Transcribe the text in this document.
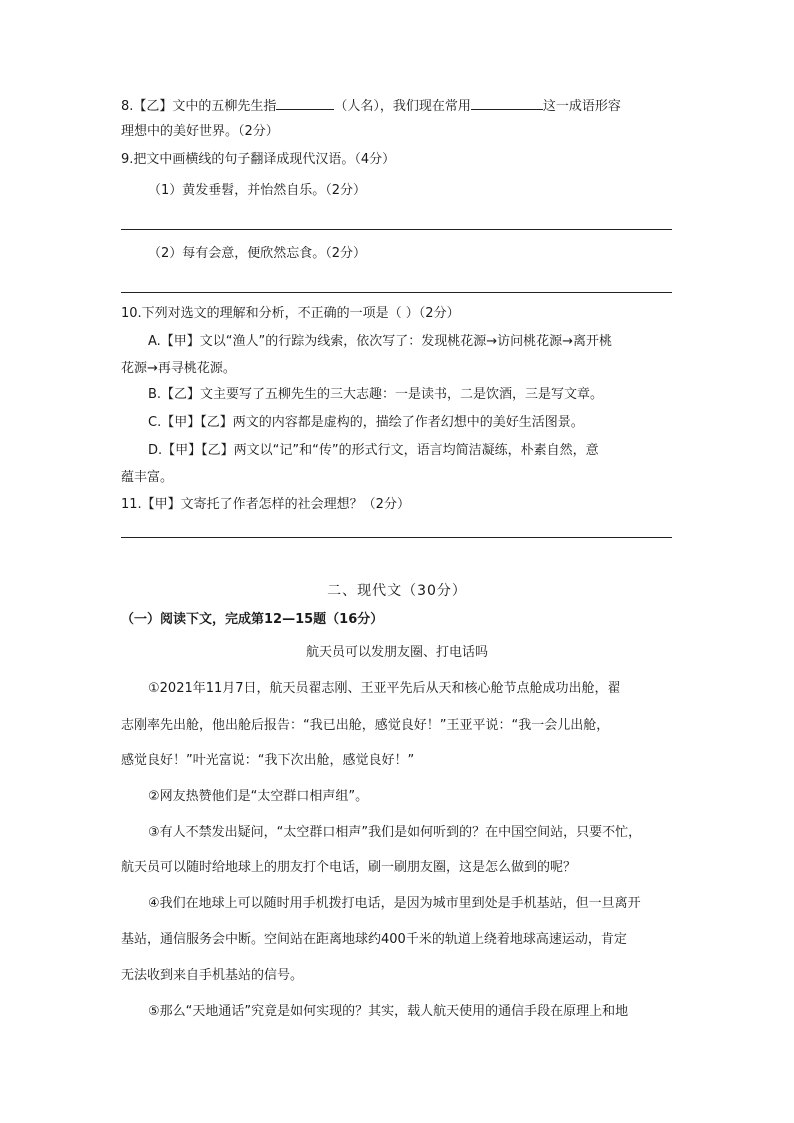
8.【乙】文中的五柳先生指	（人名），我们现在常用	这一成语形容
理想中的美好世界。（2分）
9.把文中画横线的句子翻译成现代汉语。（4分）
（1）黄发垂髫，并怡然自乐。（2分）
（2）每有会意，便欣然忘食。（2分）
10.下列对选文的理解和分析，不正确的一项是（ ）（2分）
A.【甲】文以“渔人”的行踪为线索，依次写了：发现桃花源→访问桃花源→离开桃
花源→再寻桃花源。
B.【乙】文主要写了五柳先生的三大志趣：一是读书，二是饮酒，三是写文章。
C.【甲】【乙】两文的内容都是虚构的，描绘了作者幻想中的美好生活图景。
D.【甲】【乙】两文以“记”和“传”的形式行文，语言均简洁凝练，朴素自然，意
蕴丰富。
11.【甲】文寄托了作者怎样的社会理想？（2分）
二、现代文（30分）
（一）阅读下文，完成第12—15题（16分）
航天员可以发朋友圈、打电话吗
①2021年11月7日，航天员翟志刚、王亚平先后从天和核心舱节点舱成功出舱，翟
志刚率先出舱，他出舱后报告：“我已出舱，感觉良好！”王亚平说：“我一会儿出舱，
感觉良好！”叶光富说：“我下次出舱，感觉良好！”
②网友热赞他们是“太空群口相声组”。
③有人不禁发出疑问，“太空群口相声”我们是如何听到的？在中国空间站，只要不忙，
航天员可以随时给地球上的朋友打个电话，刷一刷朋友圈，这是怎么做到的呢？
④我们在地球上可以随时用手机拨打电话，是因为城市里到处是手机基站，但一旦离开
基站，通信服务会中断。空间站在距离地球约400千米的轨道上绕着地球高速运动，肯定
无法收到来自手机基站的信号。
⑤那么“天地通话”究竟是如何实现的？其实，载人航天使用的通信手段在原理上和地
